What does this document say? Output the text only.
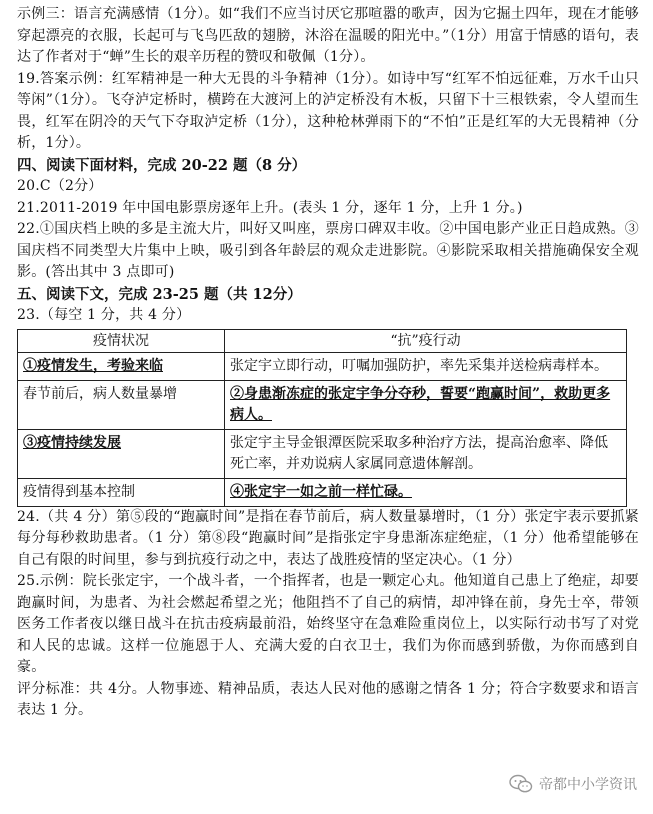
示例三：语言充满感情（1分）。如“我们不应当讨厌它那喧嚣的歌声，因为它掘土四年，现在才能够穿起漂亮的衣服，长起可与飞鸟匹敌的翅膀，沐浴在温暖的阳光中。”（1分）用富于情感的语句，表达了作者对于“蝉”生长的艰辛历程的赞叹和敬佩（1分）。

19.答案示例：红军精神是一种大无畏的斗争精神（1分）。如诗中写“红军不怕远征难，万水千山只等闲”（1分）。飞夺泸定桥时，横跨在大渡河上的泸定桥没有木板，只留下十三根铁索，令人望而生畏，红军在阴冷的天气下夺取泸定桥（1分），这种枪林弹雨下的“不怕”正是红军的大无畏精神（分析，1分）。

四、阅读下面材料，完成 20-22 题（8 分）

20.C（2分）

21.2011-2019 年中国电影票房逐年上升。(表头 1 分，逐年 1 分，上升 1 分。)

22.①国庆档上映的多是主流大片，叫好又叫座，票房口碑双丰收。②中国电影产业正日趋成熟。③国庆档不同类型大片集中上映，吸引到各年龄层的观众走进影院。④影院采取相关措施确保安全观影。(答出其中 3 点即可)

五、阅读下文，完成 23-25 题（共 12分）

23.（每空 1 分，共 4 分）

疫情状况	“抗”疫行动
①疫情发生，考验来临	张定宇立即行动，叮嘱加强防护，率先采集并送检病毒样本。
春节前后，病人数量暴增	②身患渐冻症的张定宇争分夺秒，誓要“跑赢时间”，救助更多病人。
③疫情持续发展	张定宇主导金银潭医院采取多种治疗方法，提高治愈率、降低死亡率，并劝说病人家属同意遗体解剖。
疫情得到基本控制	④张定宇一如之前一样忙碌。

24.（共 4 分）第⑤段的“跑赢时间”是指在春节前后，病人数量暴增时，（1 分）张定宇表示要抓紧每分每秒救助患者。（1 分）第⑧段“跑赢时间”是指张定宇身患渐冻症绝症，（1 分）他希望能够在自己有限的时间里，参与到抗疫行动之中，表达了战胜疫情的坚定决心。（1 分）

25.示例：院长张定宇，一个战斗者，一个指挥者，也是一颗定心丸。他知道自己患上了绝症，却要跑赢时间，为患者、为社会燃起希望之光；他阻挡不了自己的病情，却冲锋在前，身先士卒，带领医务工作者夜以继日战斗在抗击疫病最前沿，始终坚守在急难险重岗位上，以实际行动书写了对党和人民的忠诚。这样一位施恩于人、充满大爱的白衣卫士，我们为你而感到骄傲，为你而感到自豪。

评分标准：共 4分。人物事迹、精神品质，表达人民对他的感谢之情各 1 分；符合字数要求和语言表达 1 分。

帝都中小学资讯
